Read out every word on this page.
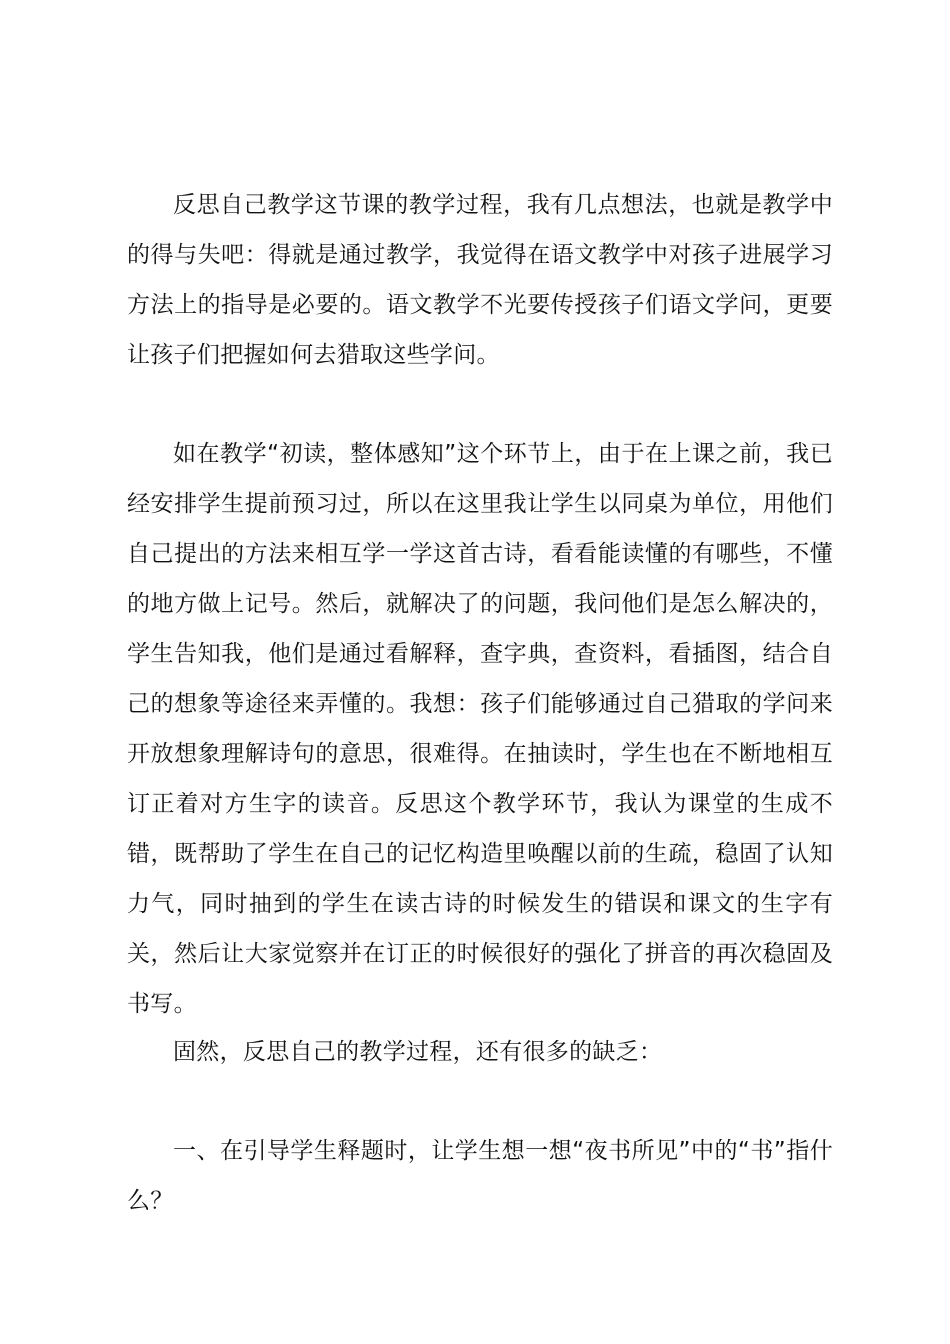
反思自己教学这节课的教学过程，我有几点想法，也就是教学中的得与失吧：得就是通过教学，我觉得在语文教学中对孩子进展学习方法上的指导是必要的。语文教学不光要传授孩子们语文学问，更要让孩子们把握如何去猎取这些学问。

如在教学“初读，整体感知”这个环节上，由于在上课之前，我已经安排学生提前预习过，所以在这里我让学生以同桌为单位，用他们自己提出的方法来相互学一学这首古诗，看看能读懂的有哪些，不懂的地方做上记号。然后，就解决了的问题，我问他们是怎么解决的，学生告知我，他们是通过看解释，查字典，查资料，看插图，结合自己的想象等途径来弄懂的。我想：孩子们能够通过自己猎取的学问来开放想象理解诗句的意思，很难得。在抽读时，学生也在不断地相互订正着对方生字的读音。反思这个教学环节，我认为课堂的生成不错，既帮助了学生在自己的记忆构造里唤醒以前的生疏，稳固了认知力气，同时抽到的学生在读古诗的时候发生的错误和课文的生字有关，然后让大家觉察并在订正的时候很好的强化了拼音的再次稳固及书写。

固然，反思自己的教学过程，还有很多的缺乏：

一、在引导学生释题时，让学生想一想“夜书所见”中的“书”指什么？
